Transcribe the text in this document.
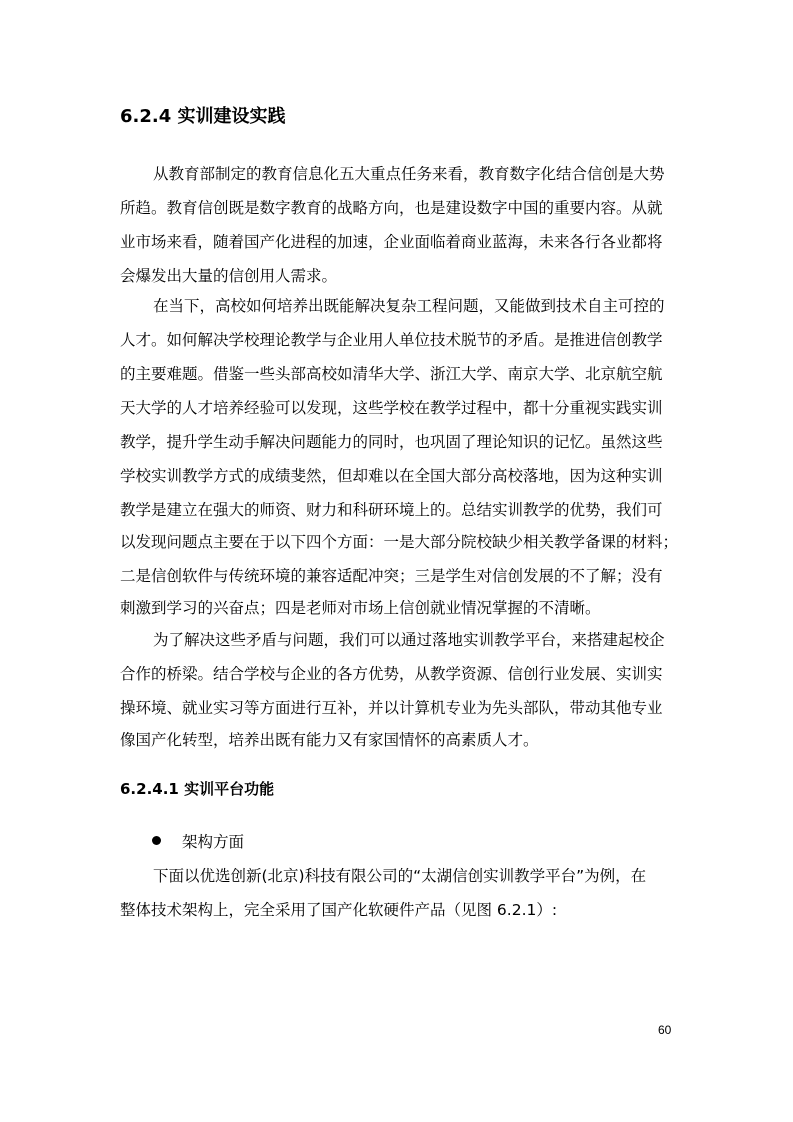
6.2.4 实训建设实践
从教育部制定的教育信息化五大重点任务来看，教育数字化结合信创是大势
所趋。教育信创既是数字教育的战略方向，也是建设数字中国的重要内容。从就
业市场来看，随着国产化进程的加速，企业面临着商业蓝海，未来各行各业都将
会爆发出大量的信创用人需求。
在当下，高校如何培养出既能解决复杂工程问题，又能做到技术自主可控的
人才。如何解决学校理论教学与企业用人单位技术脱节的矛盾。是推进信创教学
的主要难题。借鉴一些头部高校如清华大学、浙江大学、南京大学、北京航空航
天大学的人才培养经验可以发现，这些学校在教学过程中，都十分重视实践实训
教学，提升学生动手解决问题能力的同时，也巩固了理论知识的记忆。虽然这些
学校实训教学方式的成绩斐然，但却难以在全国大部分高校落地，因为这种实训
教学是建立在强大的师资、财力和科研环境上的。总结实训教学的优势，我们可
以发现问题点主要在于以下四个方面：一是大部分院校缺少相关教学备课的材料；
二是信创软件与传统环境的兼容适配冲突；三是学生对信创发展的不了解；没有
刺激到学习的兴奋点；四是老师对市场上信创就业情况掌握的不清晰。
为了解决这些矛盾与问题，我们可以通过落地实训教学平台，来搭建起校企
合作的桥梁。结合学校与企业的各方优势，从教学资源、信创行业发展、实训实
操环境、就业实习等方面进行互补，并以计算机专业为先头部队，带动其他专业
像国产化转型，培养出既有能力又有家国情怀的高素质人才。
6.2.4.1 实训平台功能
架构方面
下面以优选创新(北京)科技有限公司的“太湖信创实训教学平台”为例，在
整体技术架构上，完全采用了国产化软硬件产品（见图 6.2.1）:
60
